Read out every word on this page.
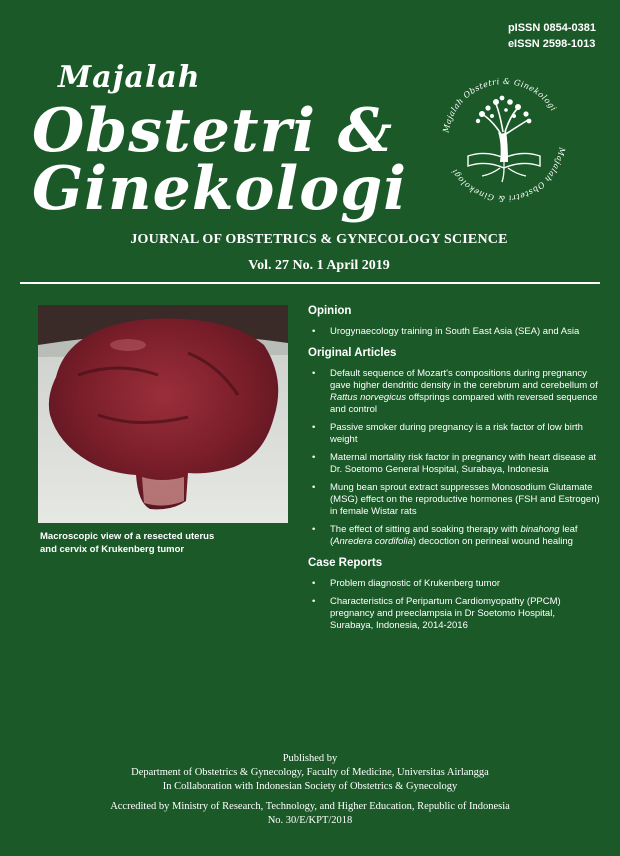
pISSN 0854-0381
eISSN 2598-1013
Majalah
Obstetri &
Ginekologi
Majalah Obstetri & Ginekologi
Majalah Obstetri & Ginekologi
JOURNAL OF OBSTETRICS & GYNECOLOGY SCIENCE
Vol. 27 No. 1 April 2019
Macroscopic view of a resected uterus
and cervix of Krukenberg tumor
Opinion
• Urogynaecology training in South East Asia (SEA) and Asia
Original Articles
• Default sequence of Mozart's compositions during pregnancy gave higher dendritic density in the cerebrum and cerebellum of Rattus norvegicus offsprings compared with reversed sequence and control
• Passive smoker during pregnancy is a risk factor of low birth weight
• Maternal mortality risk factor in pregnancy with heart disease at Dr. Soetomo General Hospital, Surabaya, Indonesia
• Mung bean sprout extract suppresses Monosodium Glutamate (MSG) effect on the reproductive hormones (FSH and Estrogen) in female Wistar rats
• The effect of sitting and soaking therapy with binahong leaf (Anredera cordifolia) decoction on perineal wound healing
Case Reports
• Problem diagnostic of Krukenberg tumor
• Characteristics of Peripartum Cardiomyopathy (PPCM) pregnancy and preeclampsia in Dr Soetomo Hospital, Surabaya, Indonesia, 2014-2016
Published by
Department of Obstetrics & Gynecology, Faculty of Medicine, Universitas Airlangga
In Collaboration with Indonesian Society of Obstetrics & Gynecology
Accredited by Ministry of Research, Technology, and Higher Education, Republic of Indonesia
No. 30/E/KPT/2018
